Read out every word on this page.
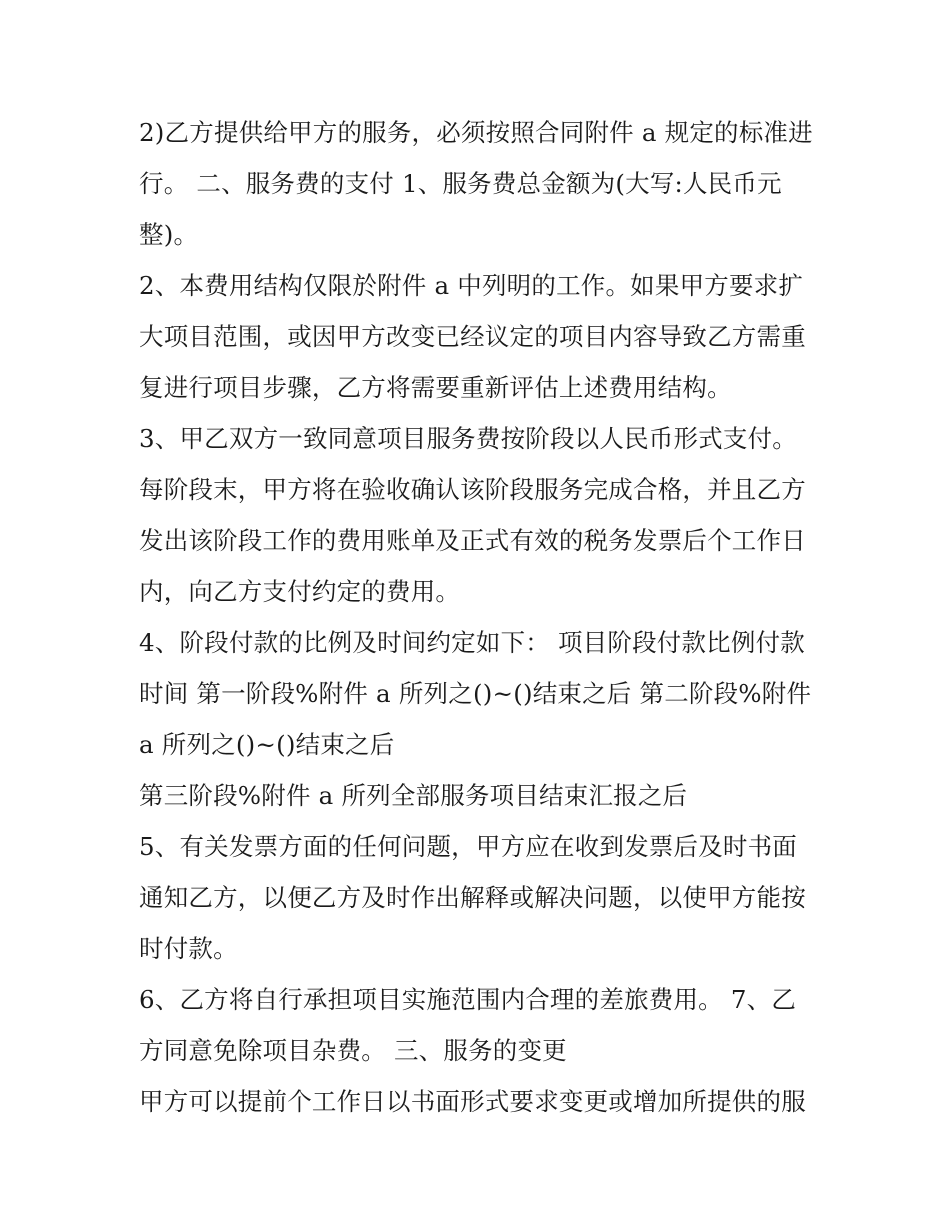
2)乙方提供给甲方的服务，必须按照合同附件 a 规定的标准进行。 二、服务费的支付 1、服务费总金额为(大写:人民币元整)。

2、本费用结构仅限於附件 a 中列明的工作。如果甲方要求扩大项目范围，或因甲方改变已经议定的项目内容导致乙方需重复进行项目步骤，乙方将需要重新评估上述费用结构。

3、甲乙双方一致同意项目服务费按阶段以人民币形式支付。每阶段末，甲方将在验收确认该阶段服务完成合格，并且乙方发出该阶段工作的费用账单及正式有效的税务发票后个工作日内，向乙方支付约定的费用。

4、阶段付款的比例及时间约定如下： 项目阶段付款比例付款时间 第一阶段%附件 a 所列之()~()结束之后 第二阶段%附件 a 所列之()~()结束之后

第三阶段%附件 a 所列全部服务项目结束汇报之后

5、有关发票方面的任何问题，甲方应在收到发票后及时书面通知乙方，以便乙方及时作出解释或解决问题，以使甲方能按时付款。

6、乙方将自行承担项目实施范围内合理的差旅费用。 7、乙方同意免除项目杂费。 三、服务的变更

甲方可以提前个工作日以书面形式要求变更或增加所提供的服
